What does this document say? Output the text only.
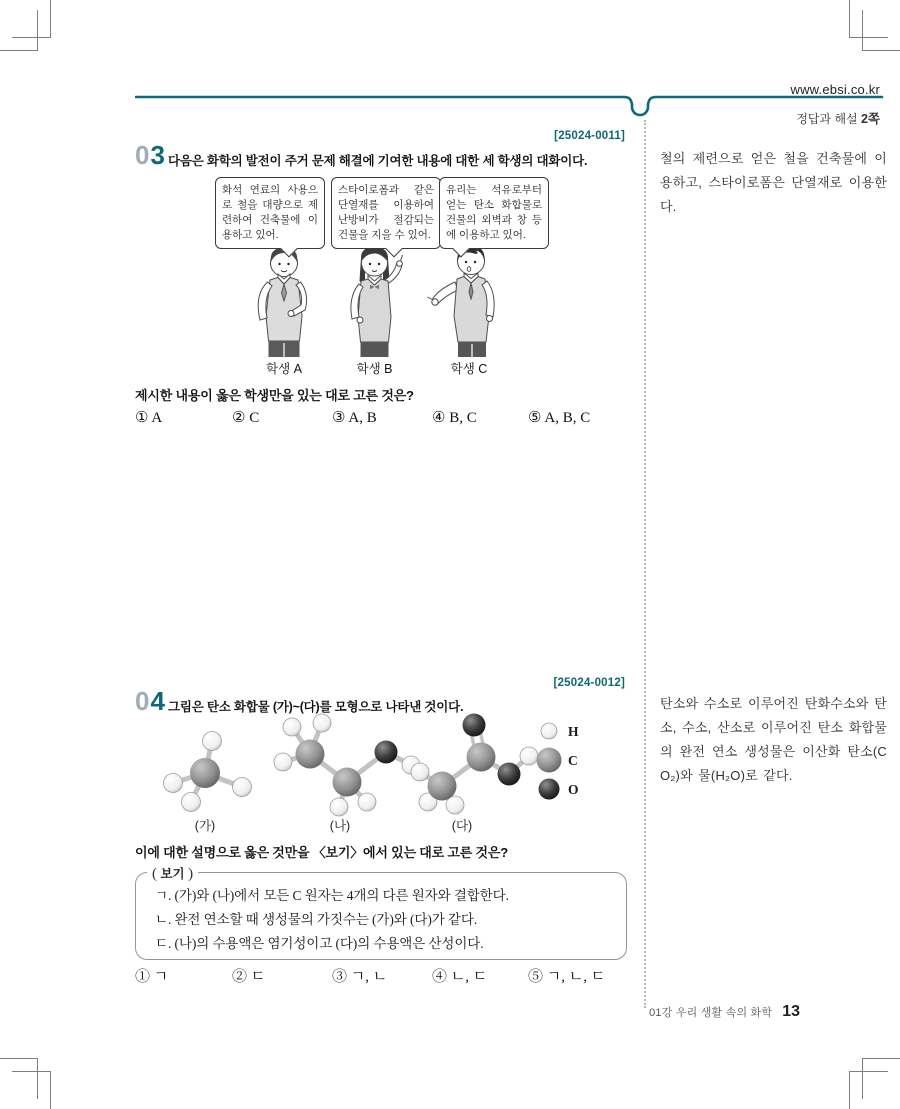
www.ebsi.co.kr
정답과 해설 2쪽
[25024-0011]
03 다음은 화학의 발전이 주거 문제 해결에 기여한 내용에 대한 세 학생의 대화이다.
화석 연료의 사용으로 철을 대량으로 제련하여 건축물에 이용하고 있어.
스타이로폼과 같은 단열재를 이용하여 난방비가 절감되는 건물을 지을 수 있어.
유리는 석유로부터 얻는 탄소 화합물로 건물의 외벽과 창 등에 이용하고 있어.
학생 A	학생 B	학생 C
제시한 내용이 옳은 학생만을 있는 대로 고른 것은?
① A	② C	③ A, B	④ B, C	⑤ A, B, C
철의 제련으로 얻은 철을 건축물에 이용하고, 스타이로폼은 단열재로 이용한다.
[25024-0012]
04 그림은 탄소 화합물 (가)~(다)를 모형으로 나타낸 것이다.
H
C
O
(가)	(나)	(다)
이에 대한 설명으로 옳은 것만을 〈보기〉에서 있는 대로 고른 것은?
( 보기 )
ㄱ. (가)와 (나)에서 모든 C 원자는 4개의 다른 원자와 결합한다.
ㄴ. 완전 연소할 때 생성물의 가짓수는 (가)와 (다)가 같다.
ㄷ. (나)의 수용액은 염기성이고 (다)의 수용액은 산성이다.
① ㄱ	② ㄷ	③ ㄱ, ㄴ	④ ㄴ, ㄷ	⑤ ㄱ, ㄴ, ㄷ
탄소와 수소로 이루어진 탄화수소와 탄소, 수소, 산소로 이루어진 탄소 화합물의 완전 연소 생성물은 이산화 탄소(CO₂)와 물(H₂O)로 같다.
01강 우리 생활 속의 화학 13
